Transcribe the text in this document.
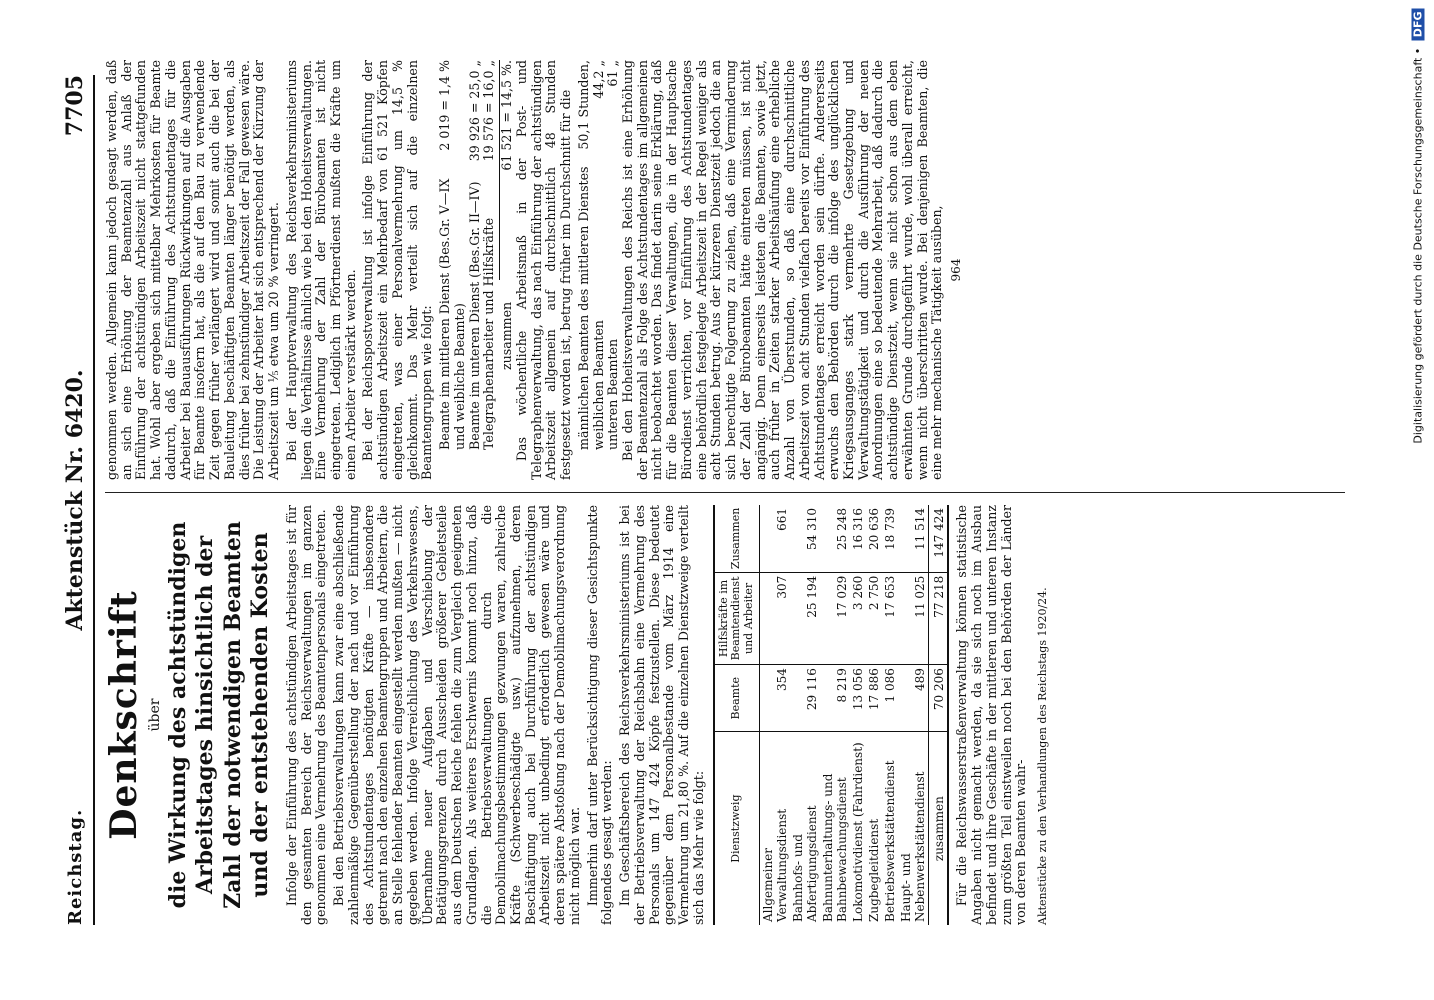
Reichstag.
Aktenstück Nr. 6420.
7705
Denkschrift über die Wirkung des achtstündigen Arbeitstages hinsichtlich der Zahl der notwendigen Beamten und der entstehenden Kosten Infolge der Einführung des achtstündigen Arbeitstages ist für den gesamten Bereich der Reichsverwaltungen im ganzen genommen eine Vermehrung des Beamtenpersonals eingetreten. Bei den Betriebsverwaltungen kann zwar eine abschließende zahlenmäßige Gegenüberstellung der nach und vor Einführung des Achtstundentages benötigten Kräfte — insbesondere getrennt nach den einzelnen Beamtengruppen und Arbeitern, die an Stelle fehlender Beamten eingestellt werden mußten — nicht gegeben werden. Infolge Verreichlichung des Verkehrswesens, Übernahme neuer Aufgaben und Verschiebung der Betätigungsgrenzen durch Ausscheiden größerer Gebietsteile aus dem Deutschen Reiche fehlen die zum Vergleich geeigneten Grundlagen. Als weiteres Erschwernis kommt noch hinzu, daß die Betriebsverwaltungen durch die Demobilmachungsbestimmungen gezwungen waren, zahlreiche Kräfte (Schwerbeschädigte usw.) aufzunehmen, deren Beschäftigung auch bei Durchführung der achtstündigen Arbeitszeit nicht unbedingt erforderlich gewesen wäre und deren spätere Abstoßung nach der Demobilmachungsverordnung nicht möglich war. Immerhin darf unter Berücksichtigung dieser Gesichtspunkte folgendes gesagt werden: Im Geschäftsbereich des Reichsverkehrsministeriums ist bei der Betriebsverwaltung der Reichsbahn eine Vermehrung des Personals um 147 424 Köpfe festzustellen. Diese bedeutet gegenüber dem Personalbestande vom März 1914 eine Vermehrung um 21,80 %. Auf die einzelnen Dienstzweige verteilt sich das Mehr wie folgt: Dienstzweig	Beamte	Hilfskräfte im Beamtendienst und Arbeiter	Zusammen
Allgemeiner Verwaltungsdienst	354	307	661
Bahnhofs- und Abfertigungsdienst	29 116	25 194	54 310
Bahnunterhaltungs- und Bahnbewachungsdienst	8 219	17 029	25 248
Lokomotivdienst (Fahrdienst)	13 056	3 260	16 316
Zugbegleitdienst	17 886	2 750	20 636
Betriebswerkstättendienst	1 086	17 653	18 739
Haupt- und Nebenwerkstättendienst	489	11 025	11 514
zusammen	70 206	77 218	147 424 Für die Reichswasserstraßenverwaltung können statistische Angaben nicht gemacht werden, da sie sich noch im Ausbau befindet und ihre Geschäfte in der mittleren und unteren Instanz zum größten Teil einstweilen noch bei den Behörden der Länder von deren Beamten wahr- Aktenstücke zu den Verhandlungen des Reichstags 1920/24.

genommen werden. Allgemein kann jedoch gesagt werden, daß an sich eine Erhöhung der Beamtenzahl aus Anlaß der Einführung der achtstündigen Arbeitszeit nicht stattgefunden hat. Wohl aber ergeben sich mittelbar Mehrkosten für Beamte dadurch, daß die Einführung des Achtstundentages für die Arbeiter bei Bauausführungen Rückwirkungen auf die Ausgaben für Beamte insofern hat, als die auf den Bau zu verwendende Zeit gegen früher verlängert wird und somit auch die bei der Bauleitung beschäftigten Beamten länger benötigt werden, als dies früher bei zehnstündiger Arbeitszeit der Fall gewesen wäre. Die Leistung der Arbeiter hat sich entsprechend der Kürzung der Arbeitszeit um ⅕ etwa um 20 % verringert. Bei der Hauptverwaltung des Reichsverkehrsministeriums liegen die Verhältnisse ähnlich wie bei den Hoheitsverwaltungen. Eine Vermehrung der Zahl der Bürobeamten ist nicht eingetreten. Lediglich im Pförtnerdienst mußten die Kräfte um einen Arbeiter verstärkt werden. Bei der Reichspostverwaltung ist infolge Einführung der achtstündigen Arbeitszeit ein Mehrbedarf von 61 521 Köpfen eingetreten, was einer Personalvermehrung um 14,5 % gleichkommt. Das Mehr verteilt sich auf die einzelnen Beamtengruppen wie folgt: Beamte im mittleren Dienst (Bes.Gr. V—IX und weibliche Beamte)
2 019 = 1,4 %
Beamte im unteren Dienst (Bes.Gr. II—IV)
39 926 = 25,0 „
Telegraphenarbeiter und Hilfskräfte
19 576 = 16,0 „
zusammen
61 521 = 14,5 %. Das wöchentliche Arbeitsmaß in der Post- und Telegraphenverwaltung, das nach Einführung der achtstündigen Arbeitszeit allgemein auf durchschnittlich 48 Stunden festgesetzt worden ist, betrug früher im Durchschnitt für die männlichen Beamten des mittleren Dienstes
50,1 Stunden,
weiblichen Beamten
44,2 „
unteren Beamten
61 „ Bei den Hoheitsverwaltungen des Reichs ist eine Erhöhung der Beamtenzahl als Folge des Achtstundentages im allgemeinen nicht beobachtet worden. Das findet darin seine Erklärung, daß für die Beamten dieser Verwaltungen, die in der Hauptsache Bürodienst verrichten, vor Einführung des Achtstundentages eine behördlich festgelegte Arbeitszeit in der Regel weniger als acht Stunden betrug. Aus der kürzeren Dienstzeit jedoch die an sich berechtigte Folgerung zu ziehen, daß eine Verminderung der Zahl der Bürobeamten hätte eintreten müssen, ist nicht angängig. Denn einerseits leisteten die Beamten, sowie jetzt, auch früher in Zeiten starker Arbeitshäufung eine erhebliche Anzahl von Überstunden, so daß eine durchschnittliche Arbeitszeit von acht Stunden vielfach bereits vor Einführung des Achtstundentages erreicht worden sein dürfte. Andererseits erwuchs den Behörden durch die infolge des unglücklichen Kriegsausganges stark vermehrte Gesetzgebung und Verwaltungstätigkeit und durch die Ausführung der neuen Anordnungen eine so bedeutende Mehrarbeit, daß dadurch die achtstündige Dienstzeit, wenn sie nicht schon aus dem eben erwähnten Grunde durchgeführt wurde, wohl überall erreicht, wenn nicht überschritten wurde. Bei denjenigen Beamten, die eine mehr mechanische Tätigkeit ausüben, 964	Digitalisierung gefördert durch die Deutsche Forschungsgemeinschaft • DFG
